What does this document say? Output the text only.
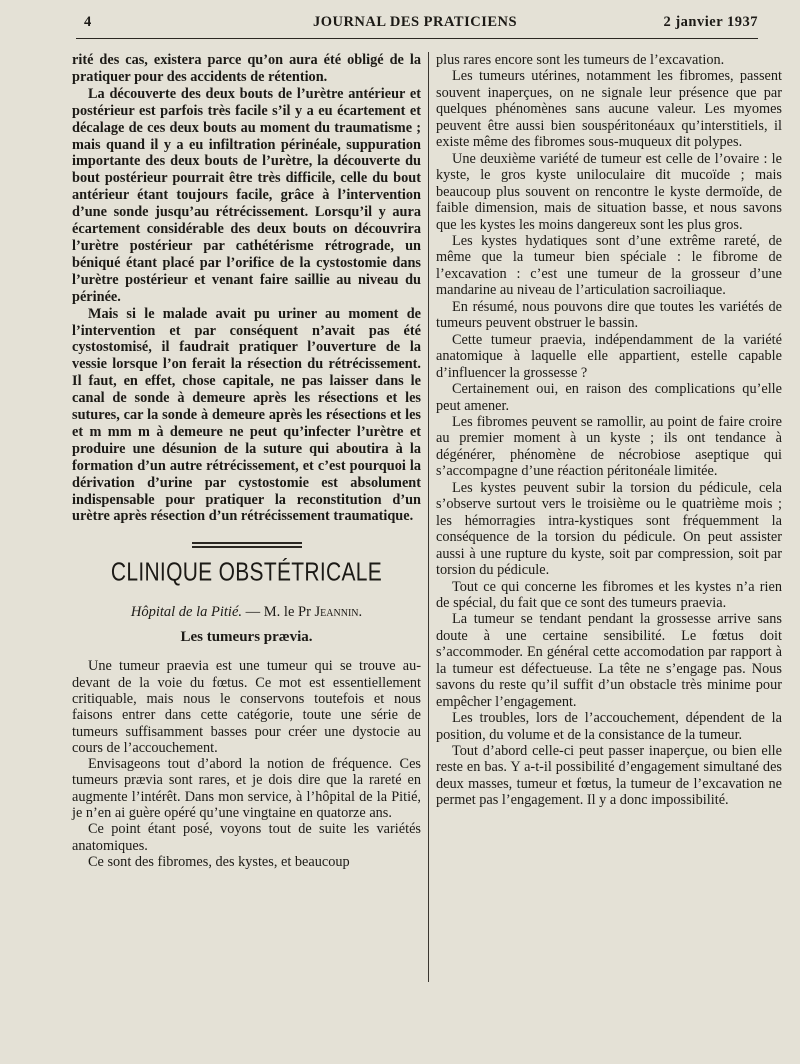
4	JOURNAL DES PRATICIENS	2 janvier 1937

rité des cas, existera parce qu’on aura été obligé de la pratiquer pour des accidents de rétention.

La découverte des deux bouts de l’urètre antérieur et postérieur est parfois très facile s’il y a eu écartement et décalage de ces deux bouts au moment du traumatisme ; mais quand il y a eu infiltration périnéale, suppuration importante des deux bouts de l’urètre, la découverte du bout postérieur pourrait être très difficile, celle du bout antérieur étant toujours facile, grâce à l’intervention d’une sonde jusqu’au rétrécissement. Lorsqu’il y aura écartement considérable des deux bouts on découvrira l’urètre postérieur par cathétérisme rétrograde, un béniqué étant placé par l’orifice de la cystostomie dans l’urètre postérieur et venant faire saillie au niveau du périnée.

Mais si le malade avait pu uriner au moment de l’intervention et par conséquent n’avait pas été cystostomisé, il faudrait pratiquer l’ouverture de la vessie lorsque l’on ferait la résection du rétrécissement. Il faut, en effet, chose capitale, ne pas laisser dans le canal de sonde à demeure après les résections et les sutures, car la sonde à demeure après les résections et les et m mm m à demeure ne peut qu’infecter l’urètre et produire une désunion de la suture qui aboutira à la formation d’un autre rétrécissement, et c’est pourquoi la dérivation d’urine par cystostomie est absolument indispensable pour pratiquer la reconstitution d’un urètre après résection d’un rétrécissement traumatique.

CLINIQUE OBSTÉTRICALE
Hôpital de la Pitié. — M. le Pr Jeannin.
Les tumeurs prævia.

Une tumeur praevia est une tumeur qui se trouve au-devant de la voie du fœtus. Ce mot est essentiellement critiquable, mais nous le conservons toutefois et nous faisons entrer dans cette catégorie, toute une série de tumeurs suffisamment basses pour créer une dystocie au cours de l’accouchement.

Envisageons tout d’abord la notion de fréquence. Ces tumeurs prævia sont rares, et je dois dire que la rareté en augmente l’intérêt. Dans mon service, à l’hôpital de la Pitié, je n’en ai guère opéré qu’une vingtaine en quatorze ans.

Ce point étant posé, voyons tout de suite les variétés anatomiques.

Ce sont des fibromes, des kystes, et beaucoup

plus rares encore sont les tumeurs de l’excavation.

Les tumeurs utérines, notamment les fibromes, passent souvent inaperçues, on ne signale leur présence que par quelques phénomènes sans aucune valeur. Les myomes peuvent être aussi bien souspéritonéaux qu’interstitiels, il existe même des fibromes sous-muqueux dit polypes.

Une deuxième variété de tumeur est celle de l’ovaire : le kyste, le gros kyste uniloculaire dit mucoïde ; mais beaucoup plus souvent on rencontre le kyste dermoïde, de faible dimension, mais de situation basse, et nous savons que les kystes les moins dangereux sont les plus gros.

Les kystes hydatiques sont d’une extrême rareté, de même que la tumeur bien spéciale : le fibrome de l’excavation : c’est une tumeur de la grosseur d’une mandarine au niveau de l’articulation sacroiliaque.

En résumé, nous pouvons dire que toutes les variétés de tumeurs peuvent obstruer le bassin.

Cette tumeur praevia, indépendamment de la variété anatomique à laquelle elle appartient, estelle capable d’influencer la grossesse ?

Certainement oui, en raison des complications qu’elle peut amener.

Les fibromes peuvent se ramollir, au point de faire croire au premier moment à un kyste ; ils ont tendance à dégénérer, phénomène de nécrobiose aseptique qui s’accompagne d’une réaction péritonéale limitée.

Les kystes peuvent subir la torsion du pédicule, cela s’observe surtout vers le troisième ou le quatrième mois ; les hémorragies intra-kystiques sont fréquemment la conséquence de la torsion du pédicule. On peut assister aussi à une rupture du kyste, soit par compression, soit par torsion du pédicule.

Tout ce qui concerne les fibromes et les kystes n’a rien de spécial, du fait que ce sont des tumeurs praevia.

La tumeur se tendant pendant la grossesse arrive sans doute à une certaine sensibilité. Le fœtus doit s’accommoder. En général cette accomodation par rapport à la tumeur est défectueuse. La tête ne s’engage pas. Nous savons du reste qu’il suffit d’un obstacle très minime pour empêcher l’engagement.

Les troubles, lors de l’accouchement, dépendent de la position, du volume et de la consistance de la tumeur.

Tout d’abord celle-ci peut passer inaperçue, ou bien elle reste en bas. Y a-t-il possibilité d’engagement simultané des deux masses, tumeur et fœtus, la tumeur de l’excavation ne permet pas l’engagement. Il y a donc impossibilité.
